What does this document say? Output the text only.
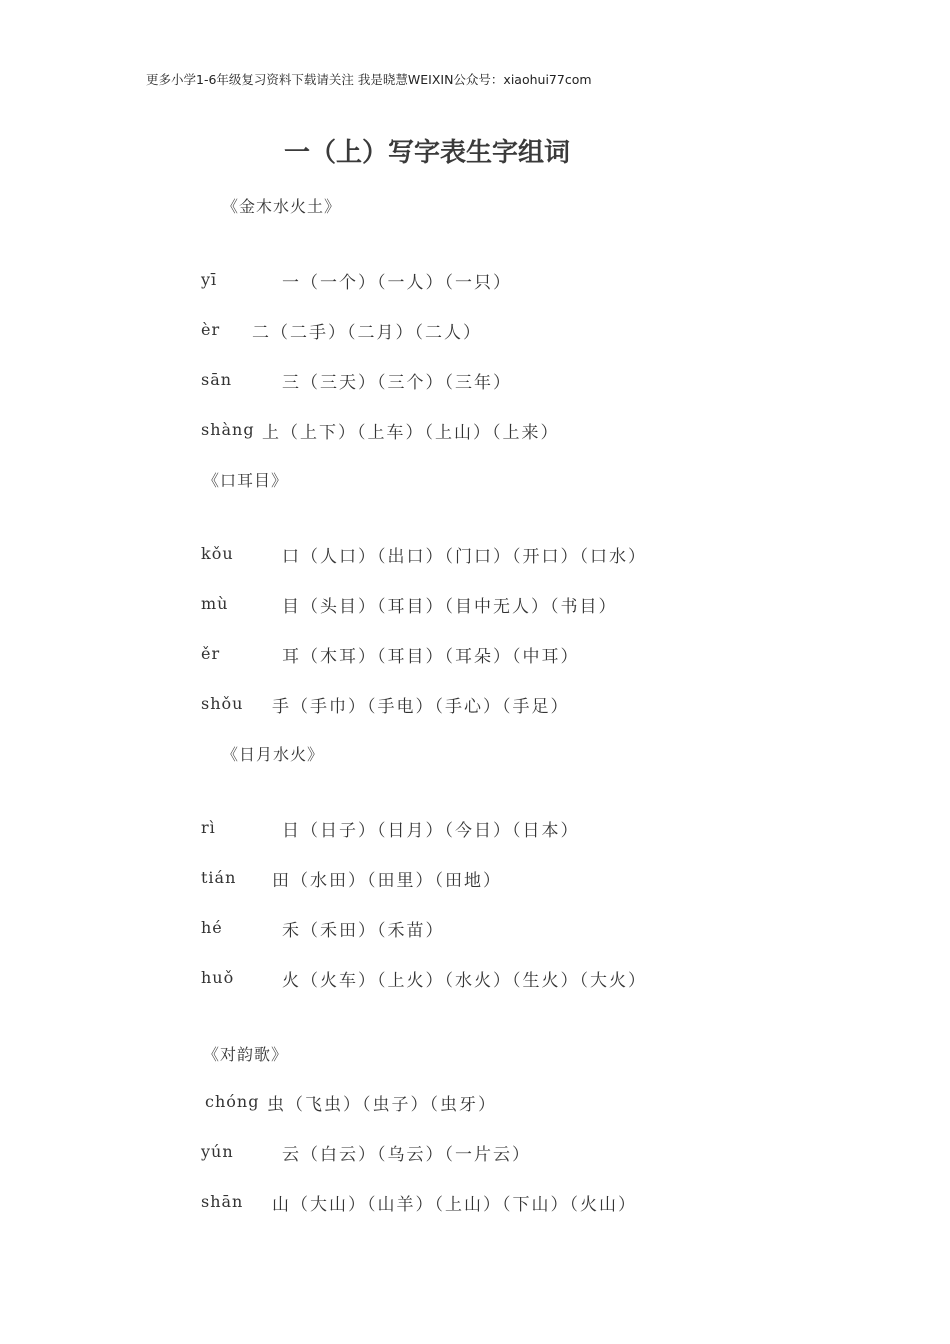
更多小学1-6年级复习资料下载请关注 我是晓慧WEIXIN公众号：xiaohui77com
一（上）写字表生字组词
《金木水火土》
yī	一（一个）（一人）（一只）
èr 二（二手）（二月）（二人）
sān	三（三天）（三个）（三年）
shàng 上（上下）（上车）（上山）（上来）
《口耳目》
kǒu	口（人口）（出口）（门口）（开口）（口水）
mù	目（头目）（耳目）（目中无人）（书目）
ěr	耳（木耳）（耳目）（耳朵）（中耳）
shǒu 手（手巾）（手电）（手心）（手足）
《日月水火》
rì	日（日子）（日月）（今日）（日本）
tián 田（水田）（田里）（田地）
hé	禾（禾田）（禾苗）
huǒ	火（火车）（上火）（水火）（生火）（大火）
《对韵歌》
chóng 虫（飞虫）（虫子）（虫牙）
yún	云（白云）（乌云）（一片云）
shān 山（大山）（山羊）（上山）（下山）（火山）
